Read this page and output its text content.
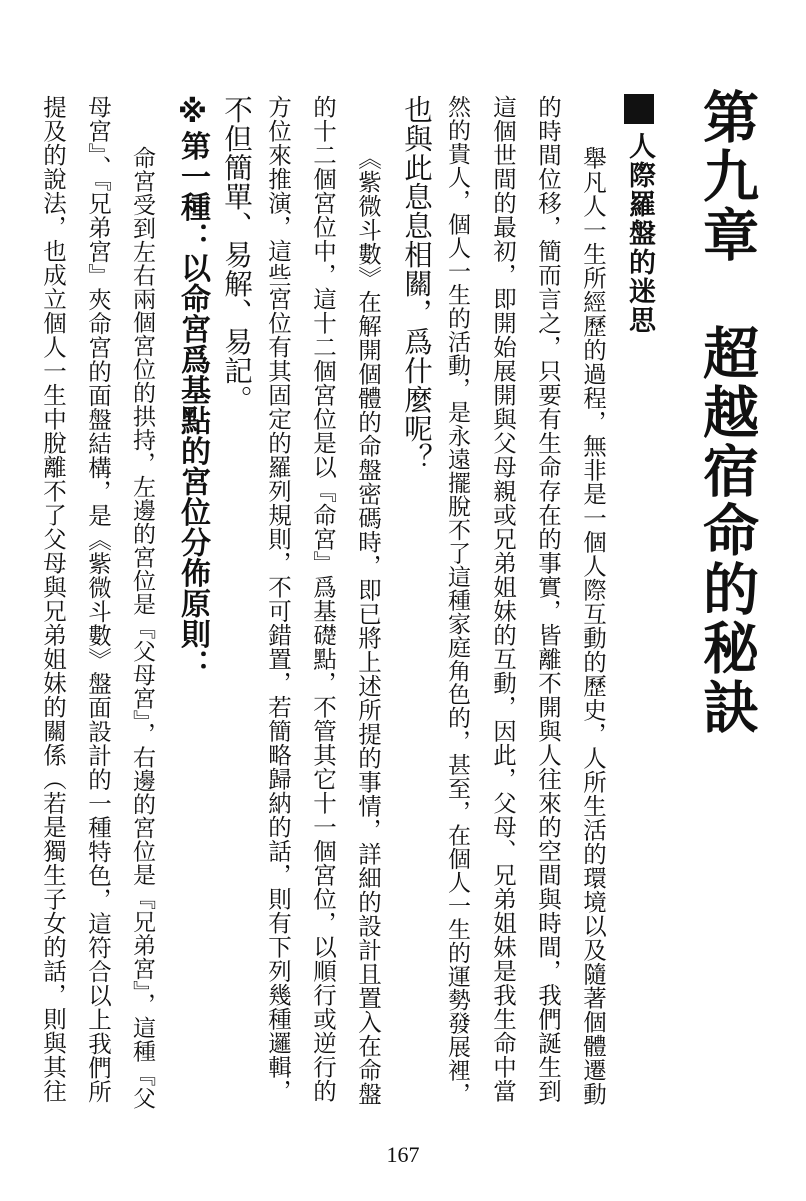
第九章　超越宿命的秘訣
人際羅盤的迷思
舉凡人一生所經歷的過程，無非是一個人際互動的歷史，人所生活的環境以及隨著個體遷動
的時間位移，簡而言之，只要有生命存在的事實，皆離不開與人往來的空間與時間，我們誕生到
這個世間的最初，即開始展開與父母親或兄弟姐妹的互動，因此，父母、兄弟姐妹是我生命中當
然的貴人，個人一生的活動，是永遠擺脫不了這種家庭角色的，甚至，在個人一生的運勢發展裡，
也與此息息相關，爲什麼呢？
《紫微斗數》在解開個體的命盤密碼時，即已將上述所提的事情，詳細的設計且置入在命盤
的十二個宮位中，這十二個宮位是以『命宮』爲基礎點，不管其它十一個宮位，以順行或逆行的
方位來推演，這些宮位有其固定的羅列規則，不可錯置，若簡略歸納的話，則有下列幾種邏輯，
不但簡單、易解、易記。
※第一種：以命宮爲基點的宮位分佈原則：
命宮受到左右兩個宮位的拱持，左邊的宮位是『父母宮』，右邊的宮位是『兄弟宮』，這種『父
母宮』、『兄弟宮』夾命宮的面盤結構，是《紫微斗數》盤面設計的一種特色，這符合以上我們所
提及的說法，也成立個人一生中脫離不了父母與兄弟姐妹的關係（若是獨生子女的話，則與其往
167
